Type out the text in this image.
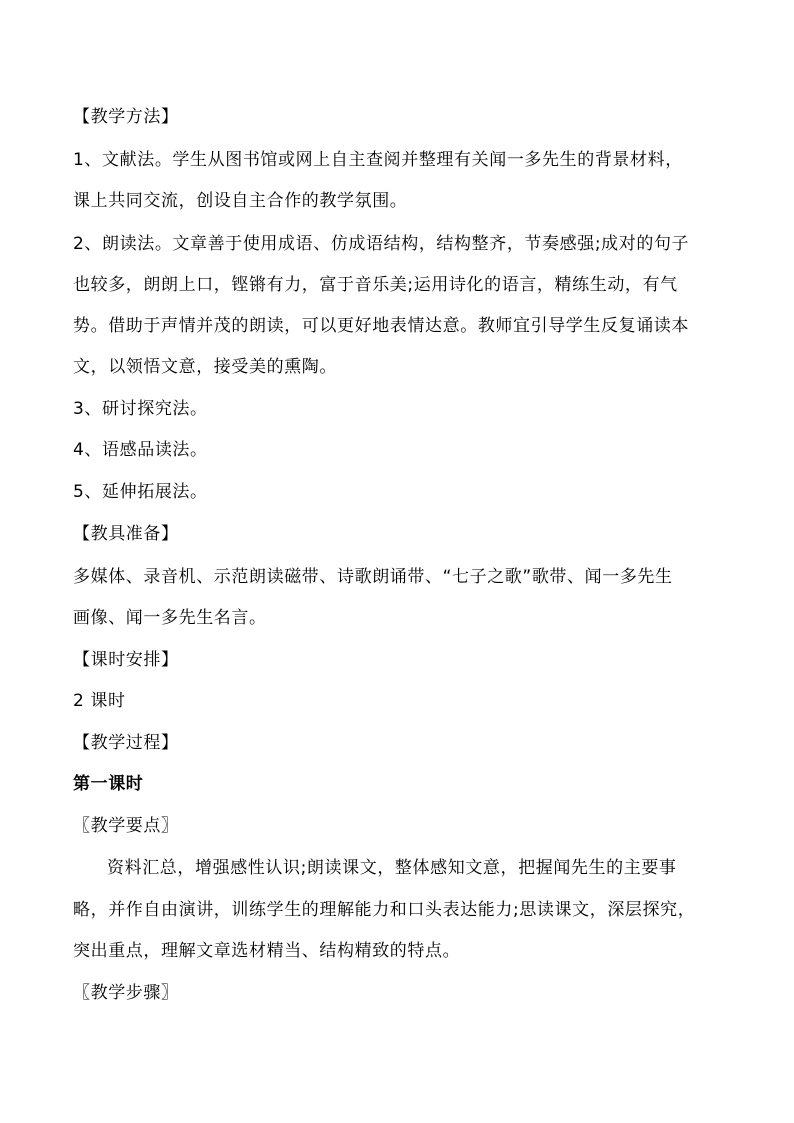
【教学方法】
1、文献法。学生从图书馆或网上自主查阅并整理有关闻一多先生的背景材料，
课上共同交流，创设自主合作的教学氛围。
2、朗读法。文章善于使用成语、仿成语结构，结构整齐，节奏感强;成对的句子
也较多，朗朗上口，铿锵有力，富于音乐美;运用诗化的语言，精练生动，有气
势。借助于声情并茂的朗读，可以更好地表情达意。教师宜引导学生反复诵读本
文，以领悟文意，接受美的熏陶。
3、研讨探究法。
4、语感品读法。
5、延伸拓展法。
【教具准备】
多媒体、录音机、示范朗读磁带、诗歌朗诵带、“七子之歌”歌带、闻一多先生
画像、闻一多先生名言。
【课时安排】
2 课时
【教学过程】
第一课时
〖教学要点〗
资料汇总，增强感性认识;朗读课文，整体感知文意，把握闻先生的主要事
略，并作自由演讲，训练学生的理解能力和口头表达能力;思读课文，深层探究，
突出重点，理解文章选材精当、结构精致的特点。
〖教学步骤〗
